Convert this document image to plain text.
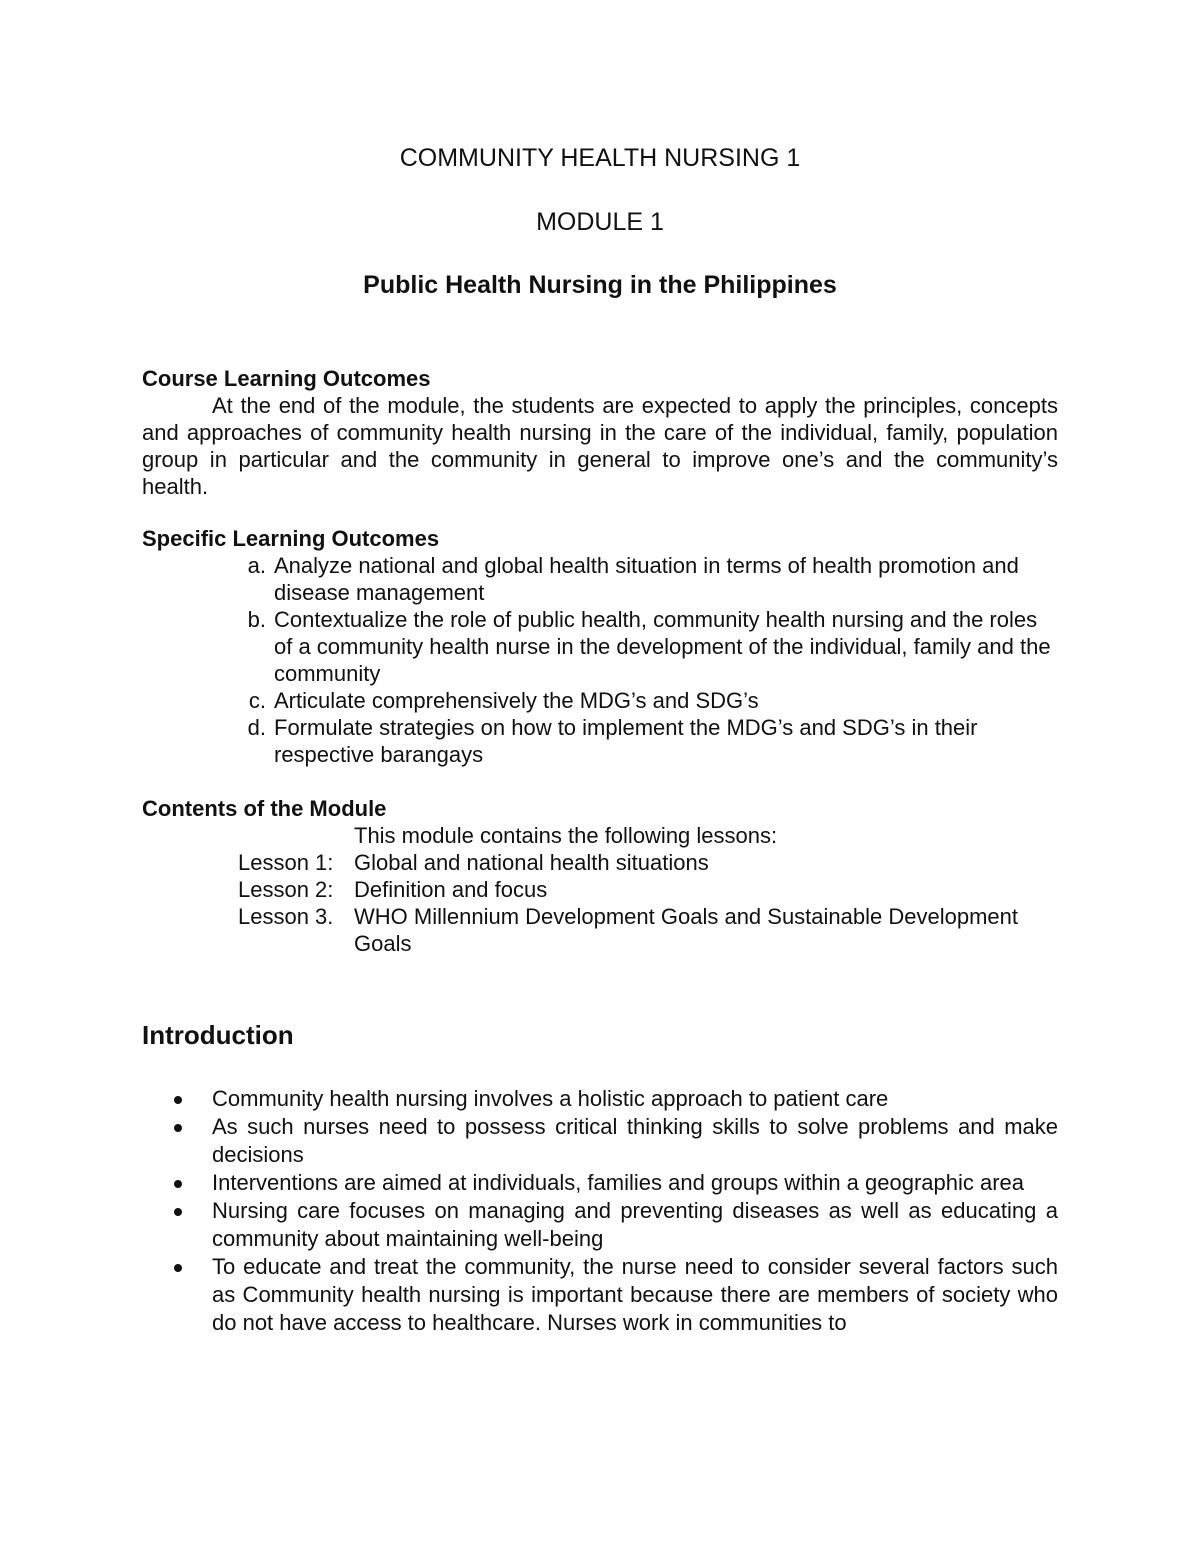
COMMUNITY HEALTH NURSING 1
MODULE 1
Public Health Nursing in the Philippines

Course Learning Outcomes

At the end of the module, the students are expected to apply the principles, concepts and approaches of community health nursing in the care of the individual, family, population group in particular and the community in general to improve one’s and the community’s health.

Specific Learning Outcomes

a. Analyze national and global health situation in terms of health promotion and disease management
b. Contextualize the role of public health, community health nursing and the roles of a community health nurse in the development of the individual, family and the community
c. Articulate comprehensively the MDG’s and SDG’s
d. Formulate strategies on how to implement the MDG’s and SDG’s in their respective barangays

Contents of the Module

This module contains the following lessons:

Lesson 1: Global and national health situations

Lesson 2: Definition and focus

Lesson 3. WHO Millennium Development Goals and Sustainable Development Goals

Introduction
Community health nursing involves a holistic approach to patient care
As such nurses need to possess critical thinking skills to solve problems and make decisions
Interventions are aimed at individuals, families and groups within a geographic area
Nursing care focuses on managing and preventing diseases as well as educating a community about maintaining well-being
To educate and treat the community, the nurse need to consider several factors such as Community health nursing is important because there are members of society who do not have access to healthcare. Nurses work in communities to
